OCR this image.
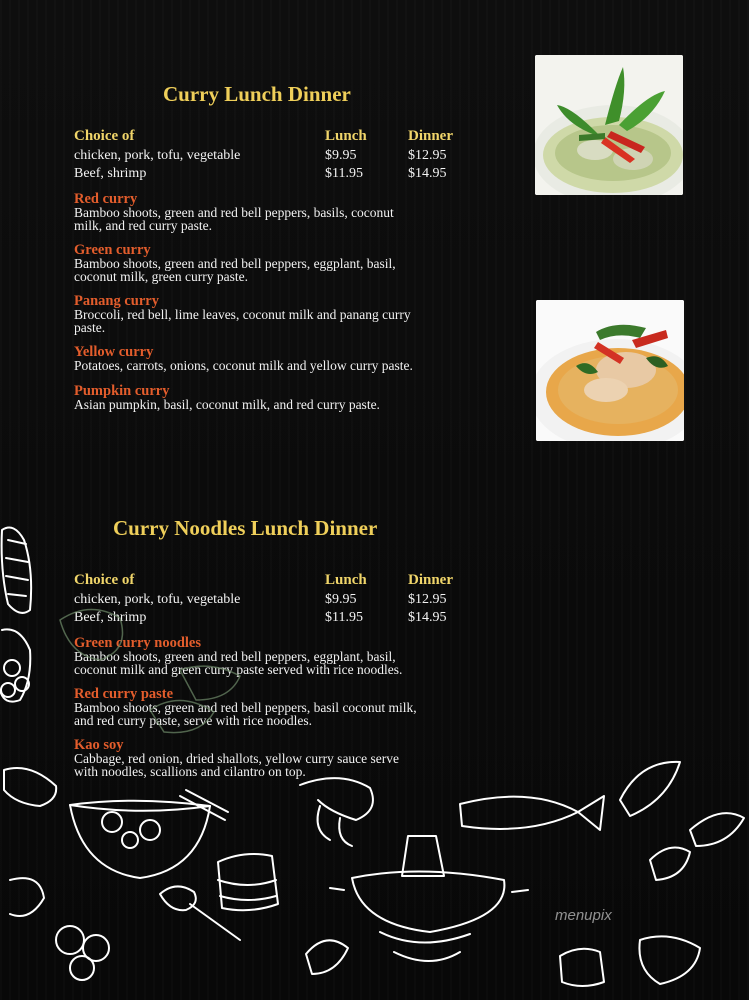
Curry Lunch Dinner
Choice of	Lunch	Dinner
chicken, pork, tofu, vegetable	$9.95	$12.95
Beef, shrimp	$11.95	$14.95
Red curry
Bamboo shoots, green and red bell peppers, basils, coconut
milk, and red curry paste.
Green curry
Bamboo shoots, green and red bell peppers, eggplant, basil,
coconut milk, green curry paste.
Panang curry
Broccoli, red bell, lime leaves, coconut milk and panang curry
paste.
Yellow curry
Potatoes, carrots, onions, coconut milk and yellow curry paste.
Pumpkin curry
Asian pumpkin, basil, coconut milk, and red curry paste.
Curry Noodles Lunch Dinner
Choice of	Lunch	Dinner
chicken, pork, tofu, vegetable	$9.95	$12.95
Beef, shrimp	$11.95	$14.95
Green curry noodles
Bamboo shoots, green and red bell peppers, eggplant, basil,
coconut milk and green curry paste served with rice noodles.
Red curry paste
Bamboo shoots, green and red bell peppers, basil coconut milk,
and red curry paste, serve with rice noodles.
Kao soy
Cabbage, red onion, dried shallots, yellow curry sauce serve
with noodles, scallions and cilantro on top.
menupix
